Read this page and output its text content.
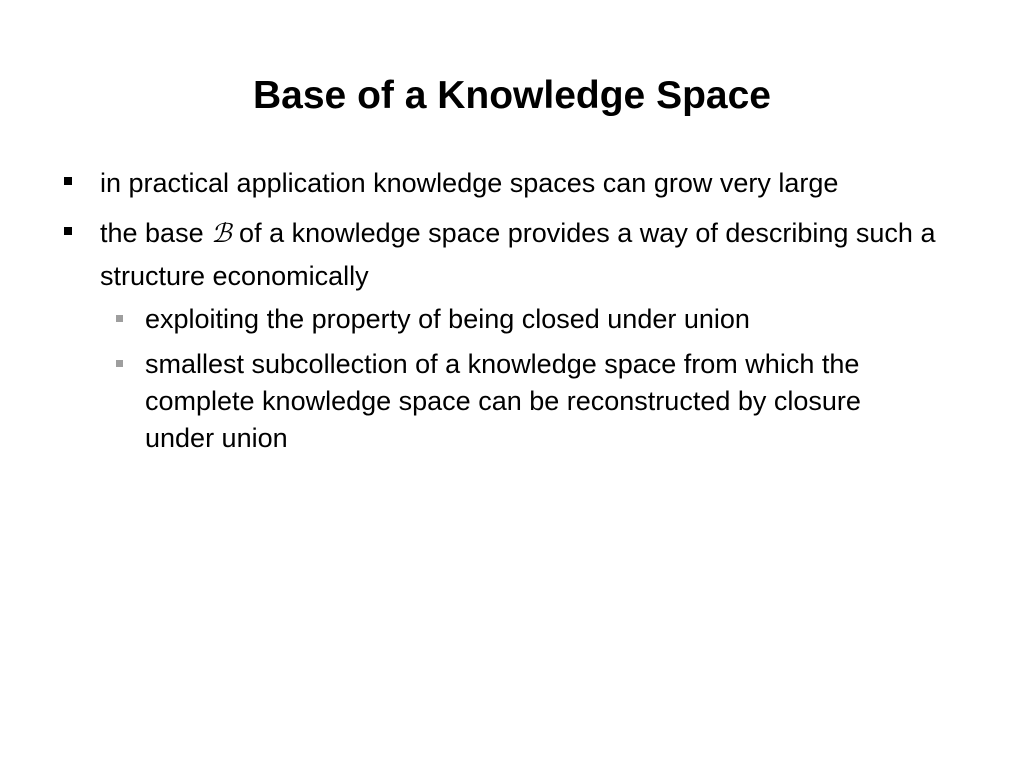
Base of a Knowledge Space
in practical application knowledge spaces can grow very large
the base ℬ of a knowledge space provides a way of describing such a structure economically
exploiting the property of being closed under union
smallest subcollection of a knowledge space from which the complete knowledge space can be reconstructed by closure under union
